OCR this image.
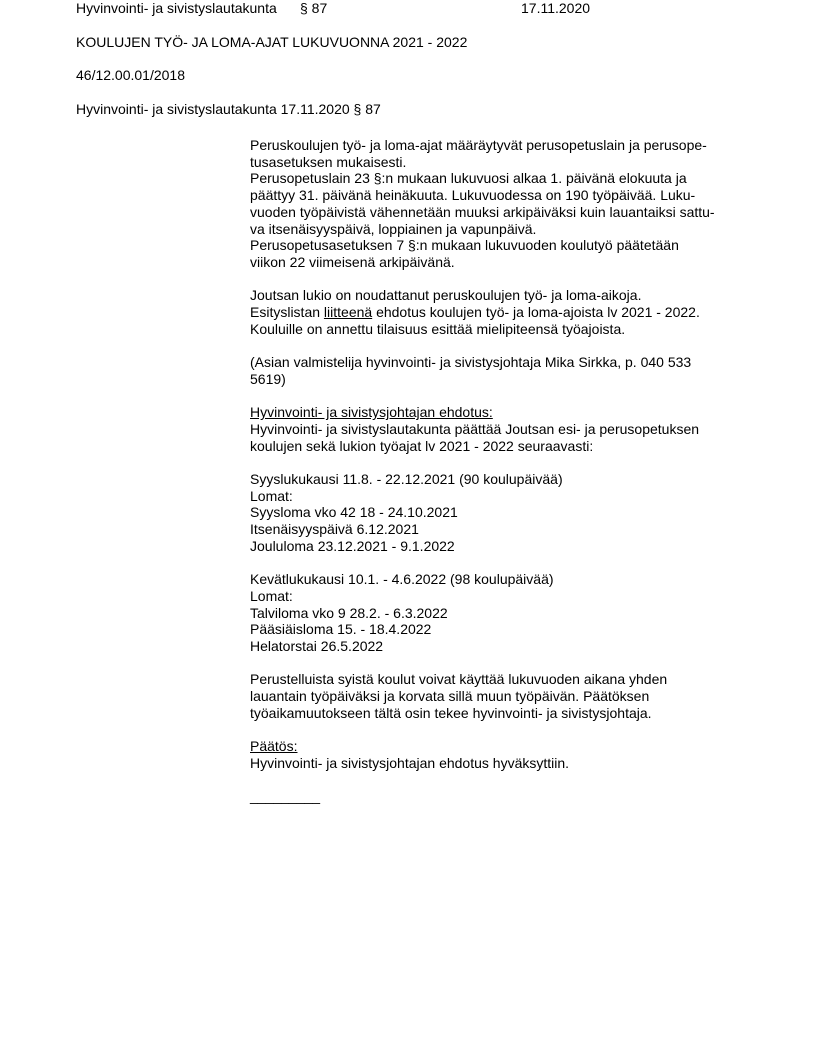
Hyvinvointi- ja sivistyslautakunta § 87	17.11.2020
KOULUJEN TYÖ- JA LOMA-AJAT LUKUVUONNA 2021 - 2022
46/12.00.01/2018
Hyvinvointi- ja sivistyslautakunta 17.11.2020 § 87

Peruskoulujen työ- ja loma-ajat määräytyvät perusopetuslain ja perusope-

tusasetuksen mukaisesti.

Perusopetuslain 23 §:n mukaan lukuvuosi alkaa 1. päivänä elokuuta ja

päättyy 31. päivänä heinäkuuta. Lukuvuodessa on 190 työpäivää. Luku-

vuoden työpäivistä vähennetään muuksi arkipäiväksi kuin lauantaiksi sattu-

va itsenäisyyspäivä, loppiainen ja vapunpäivä.

Perusopetusasetuksen 7 §:n mukaan lukuvuoden koulutyö päätetään

viikon 22 viimeisenä arkipäivänä.

Joutsan lukio on noudattanut peruskoulujen työ- ja loma-aikoja.

Esityslistan liitteenä ehdotus koulujen työ- ja loma-ajoista lv 2021 - 2022.

Kouluille on annettu tilaisuus esittää mielipiteensä työajoista.

(Asian valmistelija hyvinvointi- ja sivistysjohtaja Mika Sirkka, p. 040 533

5619)

Hyvinvointi- ja sivistysjohtajan ehdotus:

Hyvinvointi- ja sivistyslautakunta päättää Joutsan esi- ja perusopetuksen

koulujen sekä lukion työajat lv 2021 - 2022 seuraavasti:

Syyslukukausi 11.8. - 22.12.2021 (90 koulupäivää)

Lomat:

Syysloma vko 42 18 - 24.10.2021

Itsenäisyyspäivä 6.12.2021

Joululoma 23.12.2021 - 9.1.2022

Kevätlukukausi 10.1. - 4.6.2022 (98 koulupäivää)

Lomat:

Talviloma vko 9 28.2. - 6.3.2022

Pääsiäisloma 15. - 18.4.2022

Helatorstai 26.5.2022

Perustelluista syistä koulut voivat käyttää lukuvuoden aikana yhden

lauantain työpäiväksi ja korvata sillä muun työpäivän. Päätöksen

työaikamuutokseen tältä osin tekee hyvinvointi- ja sivistysjohtaja.

Päätös:

Hyvinvointi- ja sivistysjohtajan ehdotus hyväksyttiin.

_________
